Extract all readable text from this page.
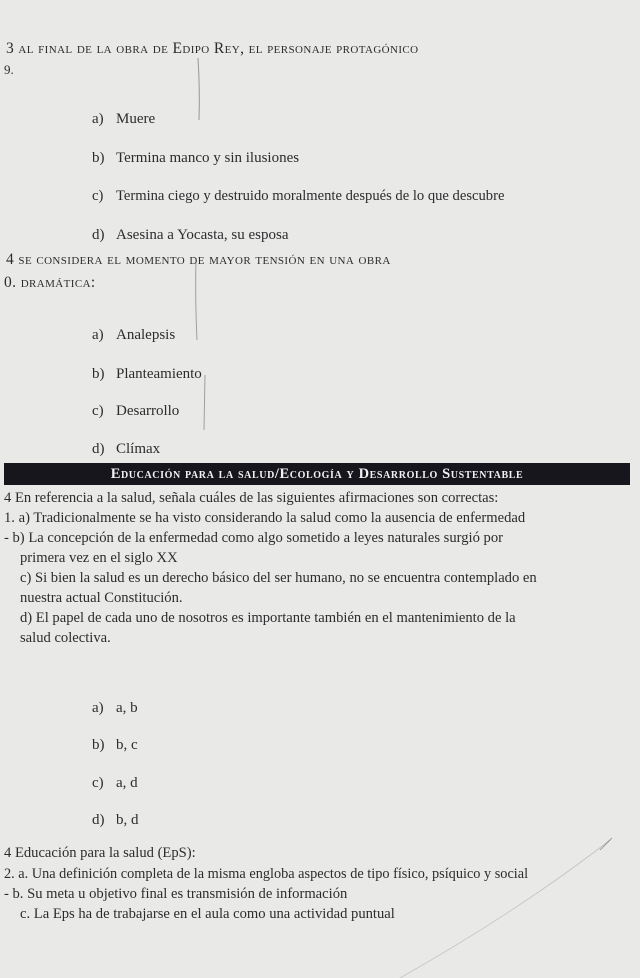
3 al final de la obra de Edipo Rey, el personaje protagónico
9.
a) Muere
b) Termina manco y sin ilusiones
c) Termina ciego y destruido moralmente después de lo que descubre
d) Asesina a Yocasta, su esposa
4 se considera el momento de mayor tensión en una obra
0. dramática:
a) Analepsis
b) Planteamiento
c) Desarrollo
d) Clímax
Educación para la salud/Ecología y Desarrollo Sustentable
4 En referencia a la salud, señala cuáles de las siguientes afirmaciones son correctas:
1. a) Tradicionalmente se ha visto considerando la salud como la ausencia de enfermedad
- b) La concepción de la enfermedad como algo sometido a leyes naturales surgió por
primera vez en el siglo XX
c) Si bien la salud es un derecho básico del ser humano, no se encuentra contemplado en
nuestra actual Constitución.
d) El papel de cada uno de nosotros es importante también en el mantenimiento de la
salud colectiva.
a) a, b
b) b, c
c) a, d
d) b, d
4 Educación para la salud (EpS):
2. a. Una definición completa de la misma engloba aspectos de tipo físico, psíquico y social
- b. Su meta u objetivo final es transmisión de información
c. La Eps ha de trabajarse en el aula como una actividad puntual
